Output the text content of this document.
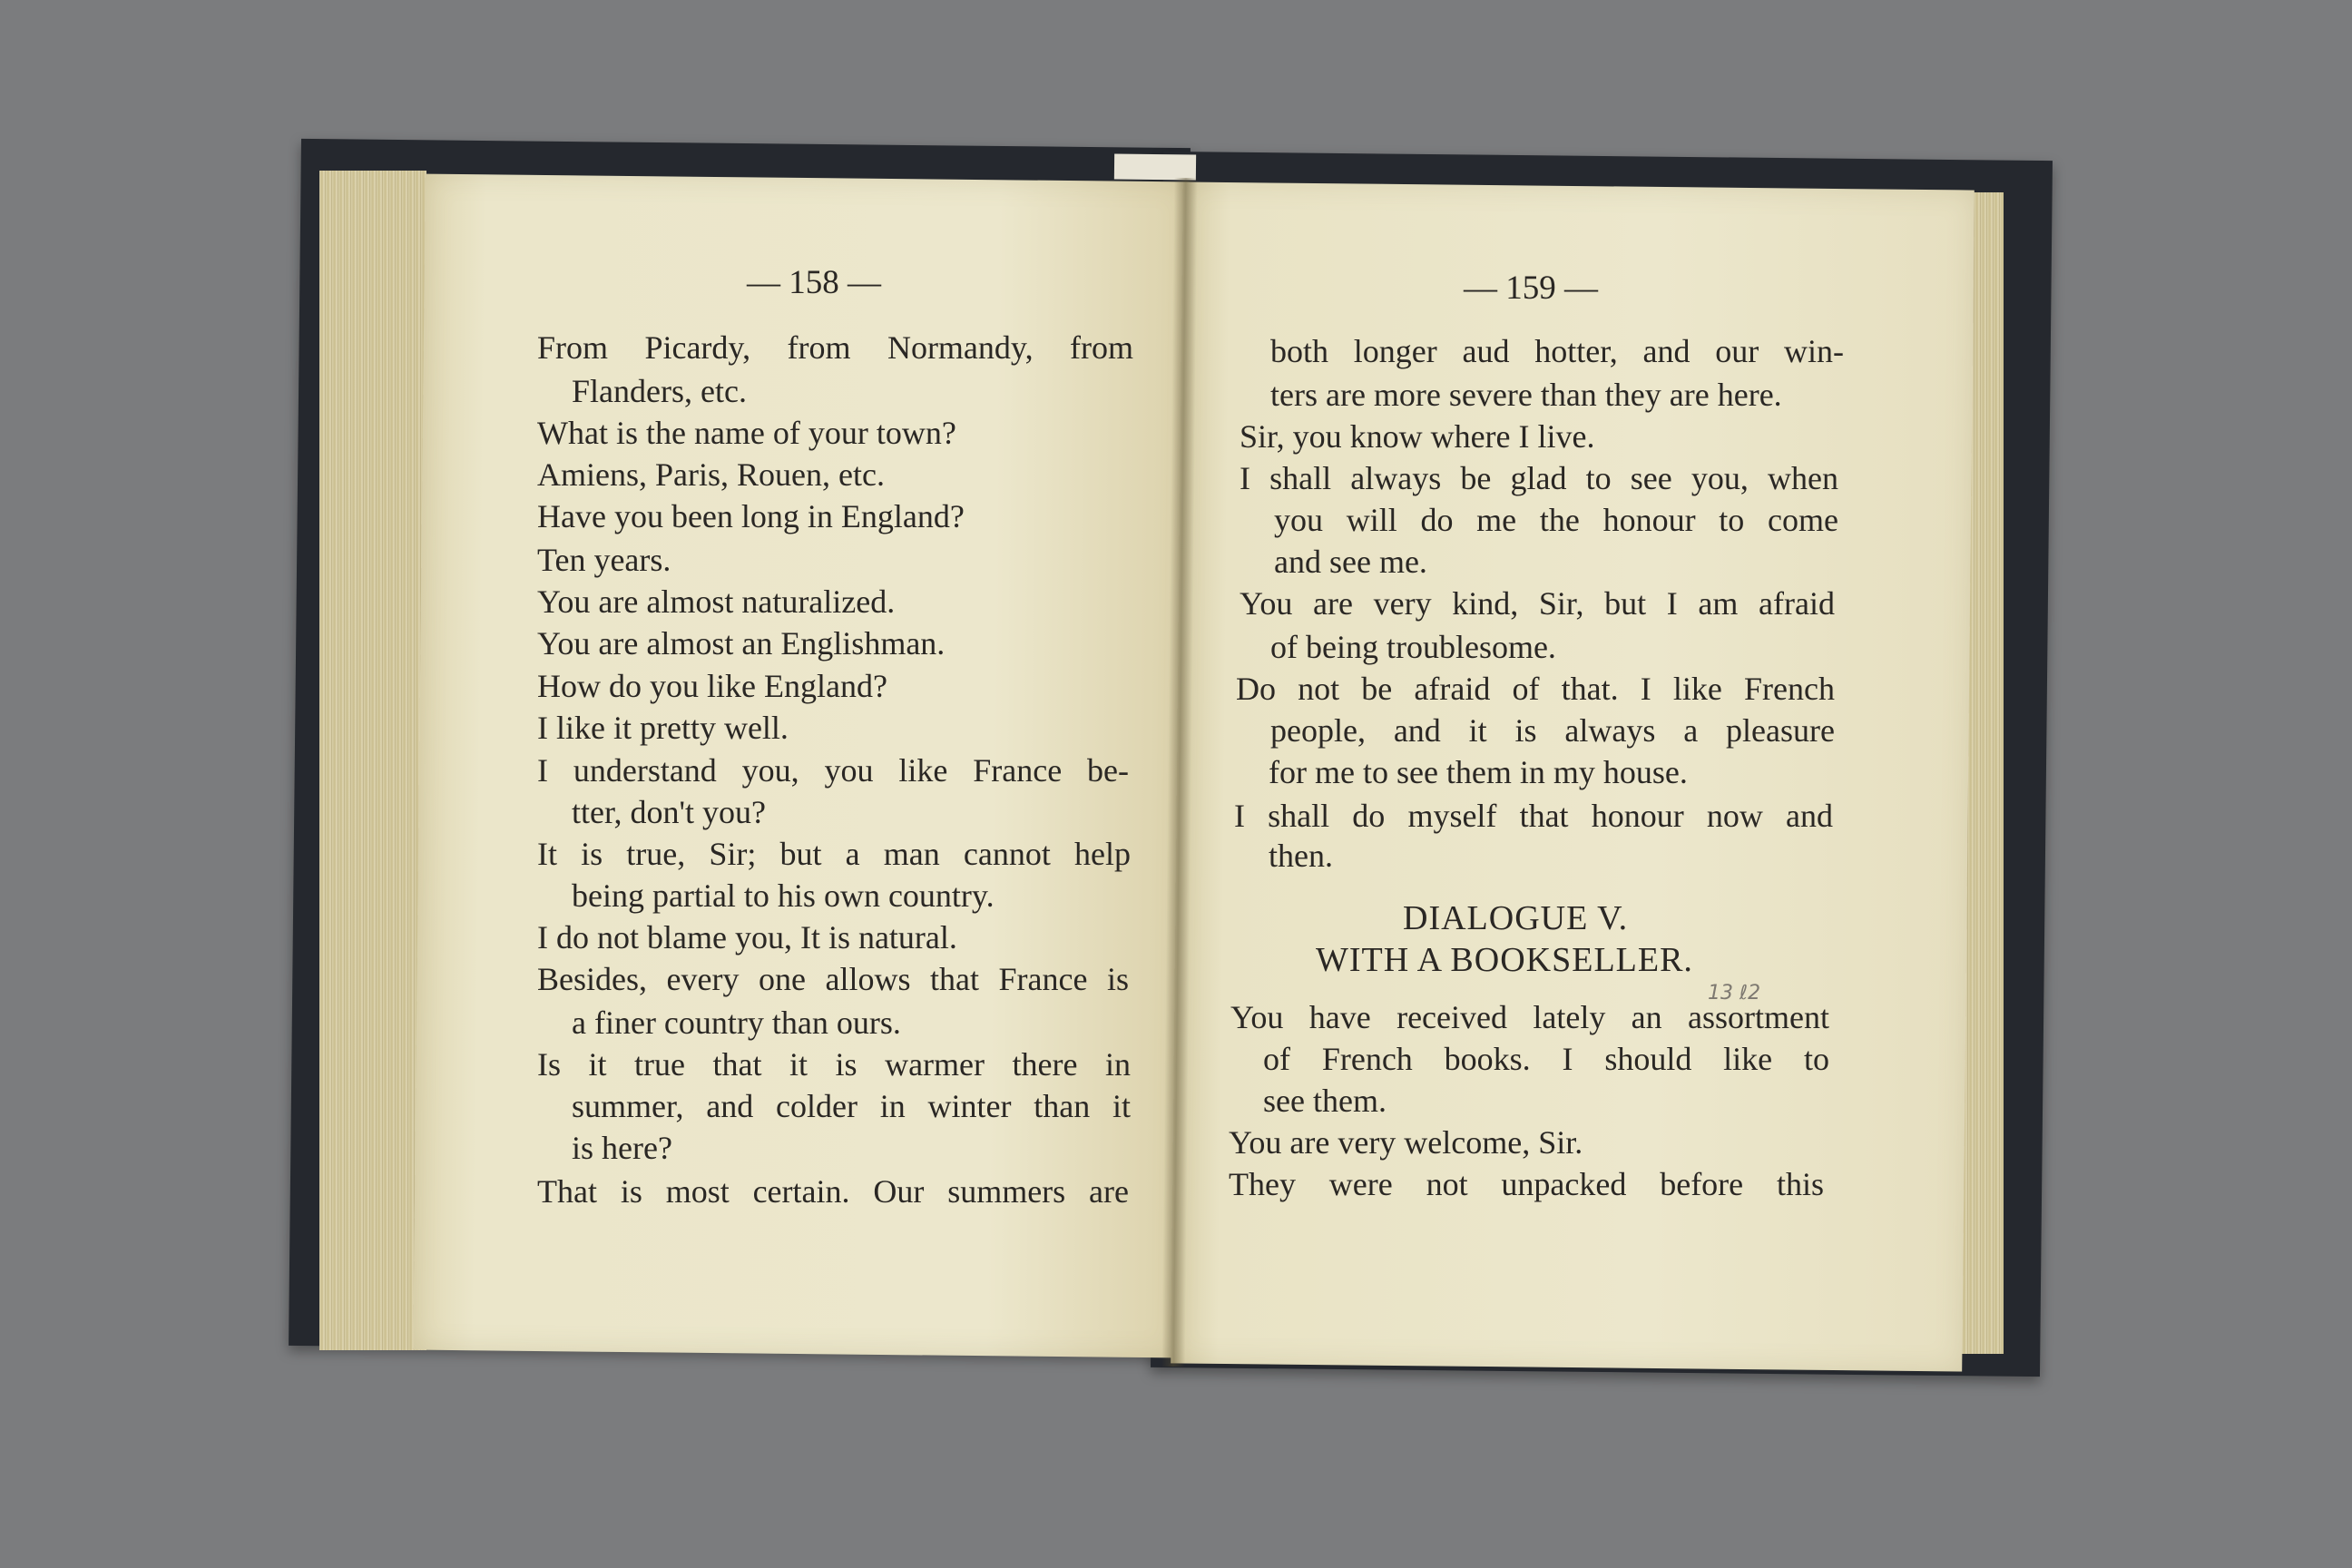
— 158 —
From Picardy, from Normandy, from
Flanders, etc.
What is the name of your town?
Amiens, Paris, Rouen, etc.
Have you been long in England?
Ten years.
You are almost naturalized.
You are almost an Englishman.
How do you like England?
I like it pretty well.
I understand you, you like France be-
tter, don't you?
It is true, Sir; but a man cannot help
being partial to his own country.
I do not blame you, It is natural.
Besides, every one allows that France is
a finer country than ours.
Is it true that it is warmer there in
summer, and colder in winter than it
is here?
That is most certain. Our summers are
— 159 —
both longer aud hotter, and our win-
ters are more severe than they are here.
Sir, you know where I live.
I shall always be glad to see you, when
you will do me the honour to come
and see me.
You are very kind, Sir, but I am afraid
of being troublesome.
Do not be afraid of that. I like French
people, and it is always a pleasure
for me to see them in my house.
I shall do myself that honour now and
then.
DIALOGUE V.
WITH A BOOKSELLER.
13 ℓ2
You have received lately an assortment
of French books. I should like to
see them.
You are very welcome, Sir.
They were not unpacked before this
